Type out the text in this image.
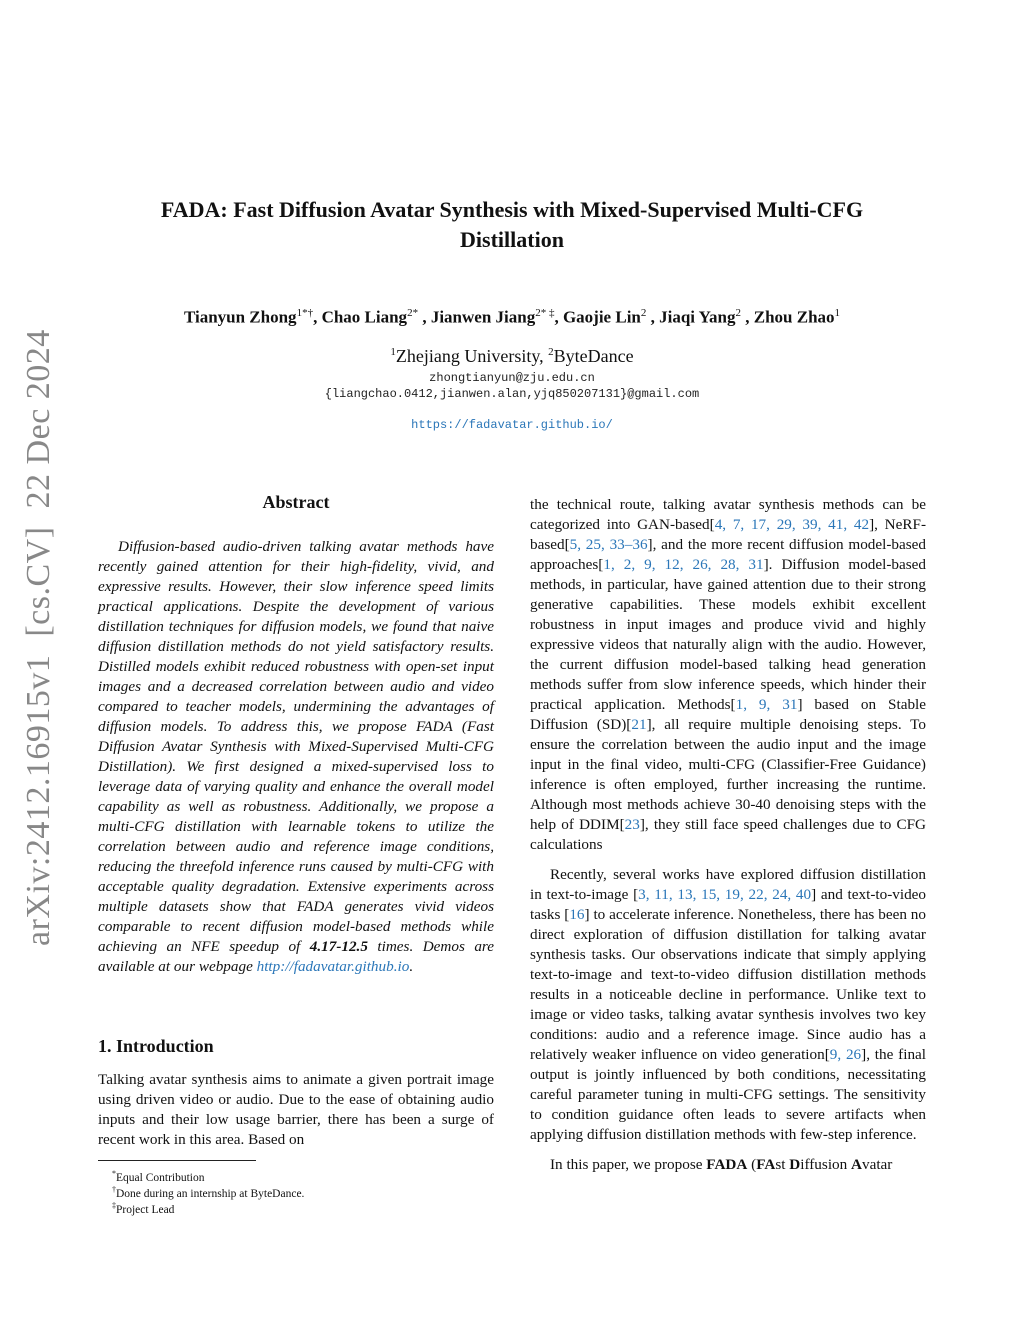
arXiv:2412.16915v1[cs.CV]22 Dec 2024
FADA: Fast Diffusion Avatar Synthesis with Mixed-Supervised Multi-CFG
Distillation
Tianyun Zhong$^{1*\dagger}$, Chao Liang$^{2*}$ , Jianwen Jiang$^{2* \ddagger}$, Gaojie Lin$^2$ , Jiaqi Yang$^2$ , Zhou Zhao$^1$
$^1$Zhejiang University, $^2$ByteDance
zhongtianyun@zju.edu.cn
{liangchao.0412,jianwen.alan,yjq850207131}@gmail.com
https://fadavatar.github.io/
Abstract
Diffusion-based audio-driven talking avatar methods have recently gained attention for their high-fidelity, vivid, and expressive results. However, their slow inference speed limits practical applications. Despite the development of various distillation techniques for diffusion models, we found that naive diffusion distillation methods do not yield satisfactory results. Distilled models exhibit reduced robustness with open-set input images and a decreased correlation between audio and video compared to teacher models, undermining the advantages of diffusion models. To address this, we propose FADA (Fast Diffusion Avatar Synthesis with Mixed-Supervised Multi-CFG Distillation). We first designed a mixed-supervised loss to leverage data of varying quality and enhance the overall model capability as well as robustness. Additionally, we propose a multi-CFG distillation with learnable tokens to utilize the correlation between audio and reference image conditions, reducing the threefold inference runs caused by multi-CFG with acceptable quality degradation. Extensive experiments across multiple datasets show that FADA generates vivid videos comparable to recent diffusion model-based methods while achieving an NFE speedup of 4.17-12.5 times. Demos are available at our webpage http://fadavatar.github.io.
1. Introduction
Talking avatar synthesis aims to animate a given portrait image using driven video or audio. Due to the ease of obtaining audio inputs and their low usage barrier, there has been a surge of recent work in this area. Based on
*Equal Contribution
†Done during an internship at ByteDance.
‡Project Lead

the technical route, talking avatar synthesis methods can be categorized into GAN-based[4, 7, 17, 29, 39, 41, 42], NeRF-based[5, 25, 33–36], and the more recent diffusion model-based approaches[1, 2, 9, 12, 26, 28, 31]. Diffusion model-based methods, in particular, have gained attention due to their strong generative capabilities. These models exhibit excellent robustness in input images and produce vivid and highly expressive videos that naturally align with the audio. However, the current diffusion model-based talking head generation methods suffer from slow inference speeds, which hinder their practical application. Methods[1, 9, 31] based on Stable Diffusion (SD)[21], all require multiple denoising steps. To ensure the correlation between the audio input and the image input in the final video, multi-CFG (Classifier-Free Guidance) inference is often employed, further increasing the runtime. Although most methods achieve 30-40 denoising steps with the help of DDIM[23], they still face speed challenges due to CFG calculations

Recently, several works have explored diffusion distillation in text-to-image [3, 11, 13, 15, 19, 22, 24, 40] and text-to-video tasks [16] to accelerate inference. Nonetheless, there has been no direct exploration of diffusion distillation for talking avatar synthesis tasks. Our observations indicate that simply applying text-to-image and text-to-video diffusion distillation methods results in a noticeable decline in performance. Unlike text to image or video tasks, talking avatar synthesis involves two key conditions: audio and a reference image. Since audio has a relatively weaker influence on video generation[9, 26], the final output is jointly influenced by both conditions, necessitating careful parameter tuning in multi-CFG settings. The sensitivity to condition guidance often leads to severe artifacts when applying diffusion distillation methods with few-step inference.

In this paper, we propose FADA (FAst Diffusion Avatar
